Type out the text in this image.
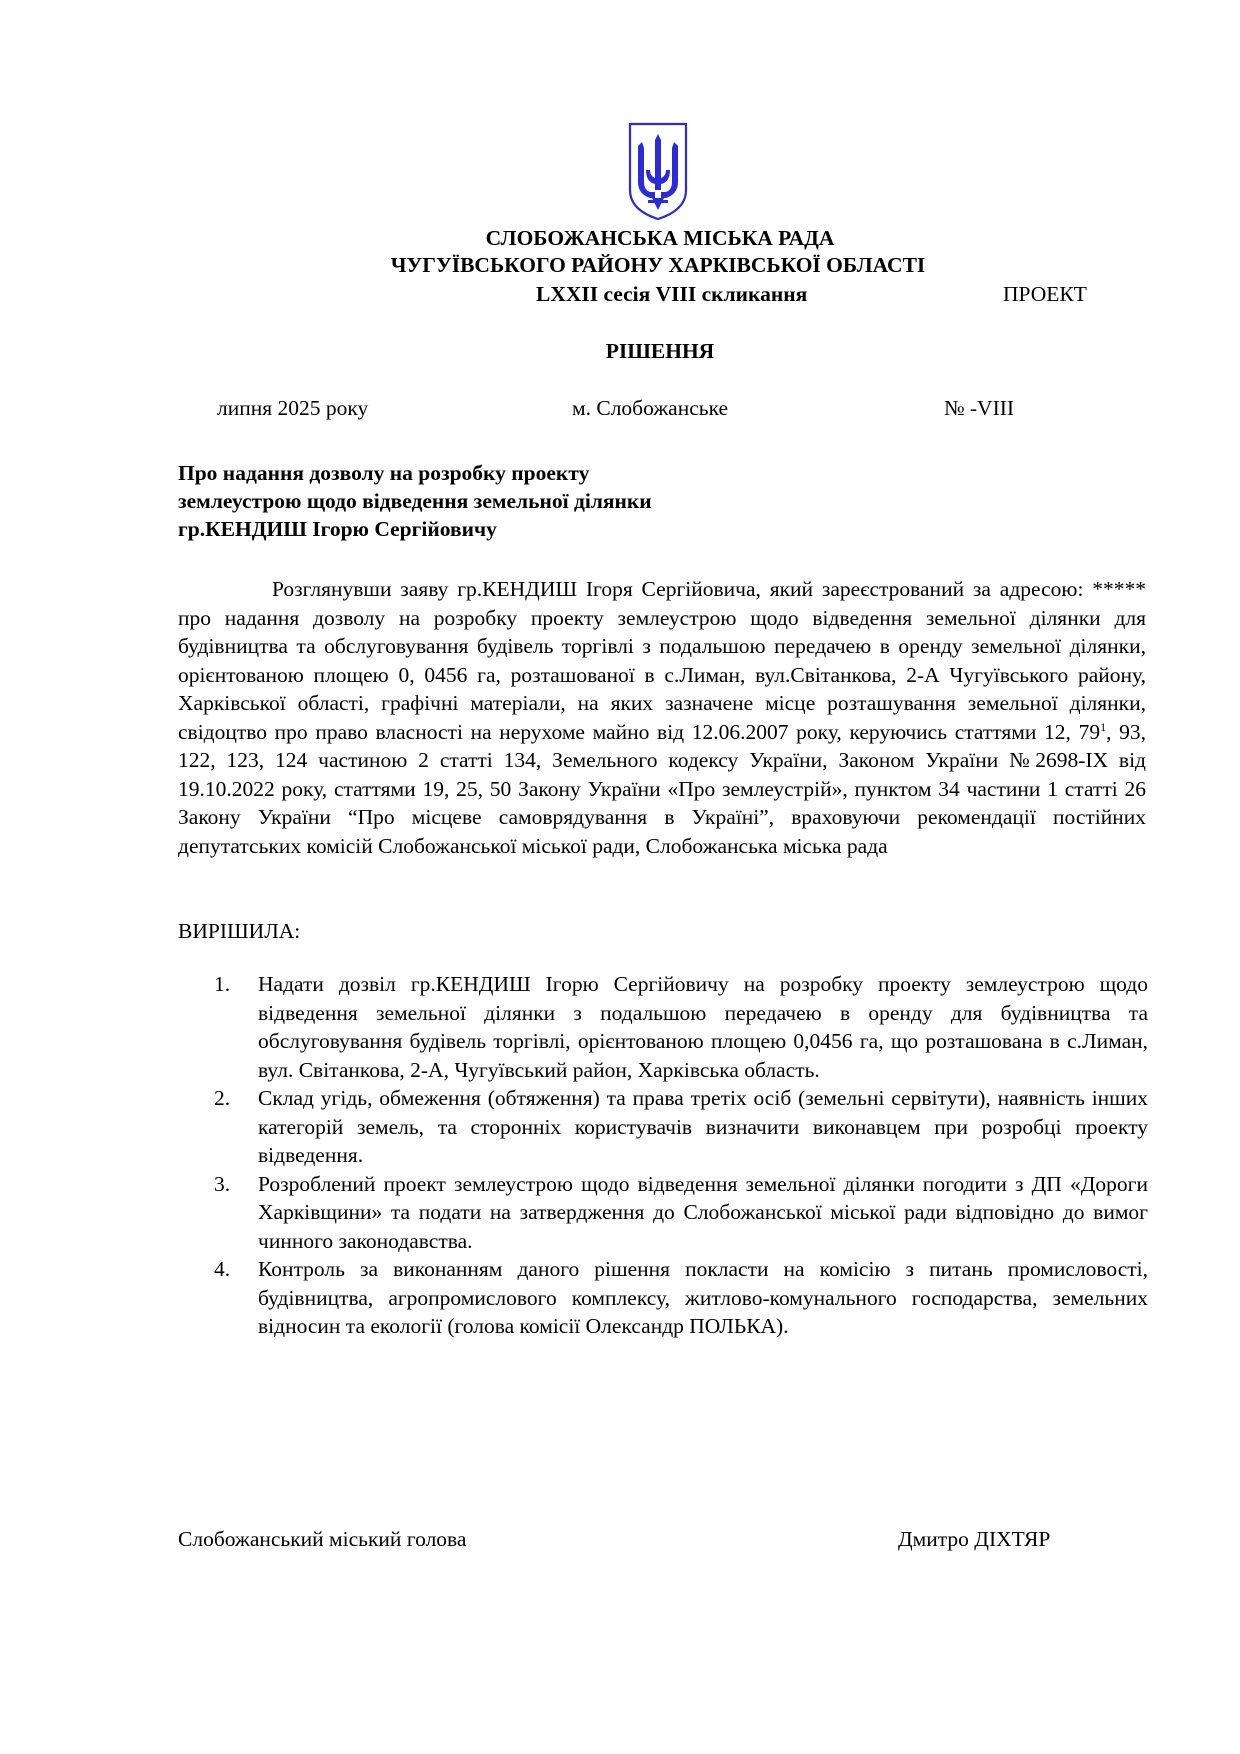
СЛОБОЖАНСЬКА МІСЬКА РАДА
ЧУГУЇВСЬКОГО РАЙОНУ ХАРКІВСЬКОЇ ОБЛАСТІ
LXXII сесія VIII скликання	ПРОЕКТ
РІШЕННЯ
липня 2025 року	м. Слобожанське	№ -VIII
Про надання дозволу на розробку проекту
землеустрою щодо відведення земельної ділянки
гр.КЕНДИШ Ігорю Сергійовичу

Розглянувши заяву гр.КЕНДИШ Ігоря Сергійовича, який зареєстрований за адресою: ***** про надання дозволу на розробку проекту землеустрою щодо відведення земельної ділянки для будівництва та обслуговування будівель торгівлі з подальшою передачею в оренду земельної ділянки, орієнтованою площею 0, 0456 га, розташованої в с.Лиман, вул.Світанкова, 2-А Чугуївського району, Харківської області, графічні матеріали, на яких зазначене місце розташування земельної ділянки, свідоцтво про право власності на нерухоме майно від 12.06.2007 року, керуючись статтями 12, $79^1$, 93, 122, 123, 124 частиною 2 статті 134, Земельного кодексу України, Законом України №2698-IX від 19.10.2022 року, статтями 19, 25, 50 Закону України «Про землеустрій», пунктом 34 частини 1 статті 26 Закону України “Про місцеве самоврядування в Україні”, враховуючи рекомендації постійних депутатських комісій Слобожанської міської ради, Слобожанська міська рада

ВИРІШИЛА:
1. Надати дозвіл гр.КЕНДИШ Ігорю Сергійовичу на розробку проекту землеустрою щодо відведення земельної ділянки з подальшою передачею в оренду для будівництва та обслуговування будівель торгівлі, орієнтованою площею 0,0456 га, що розташована в с.Лиман, вул. Світанкова, 2-А, Чугуївський район, Харківська область.
2. Склад угідь, обмеження (обтяження) та права третіх осіб (земельні сервітути), наявність інших категорій земель, та сторонніх користувачів визначити виконавцем при розробці проекту відведення.
3. Розроблений проект землеустрою щодо відведення земельної ділянки погодити з ДП «Дороги Харківщини» та подати на затвердження до Слобожанської міської ради відповідно до вимог чинного законодавства.
4. Контроль за виконанням даного рішення покласти на комісію з питань промисловості, будівництва, агропромислового комплексу, житлово-комунального господарства, земельних відносин та екології (голова комісії Олександр ПОЛЬКА).
Слобожанський міський голова	Дмитро ДІХТЯР
